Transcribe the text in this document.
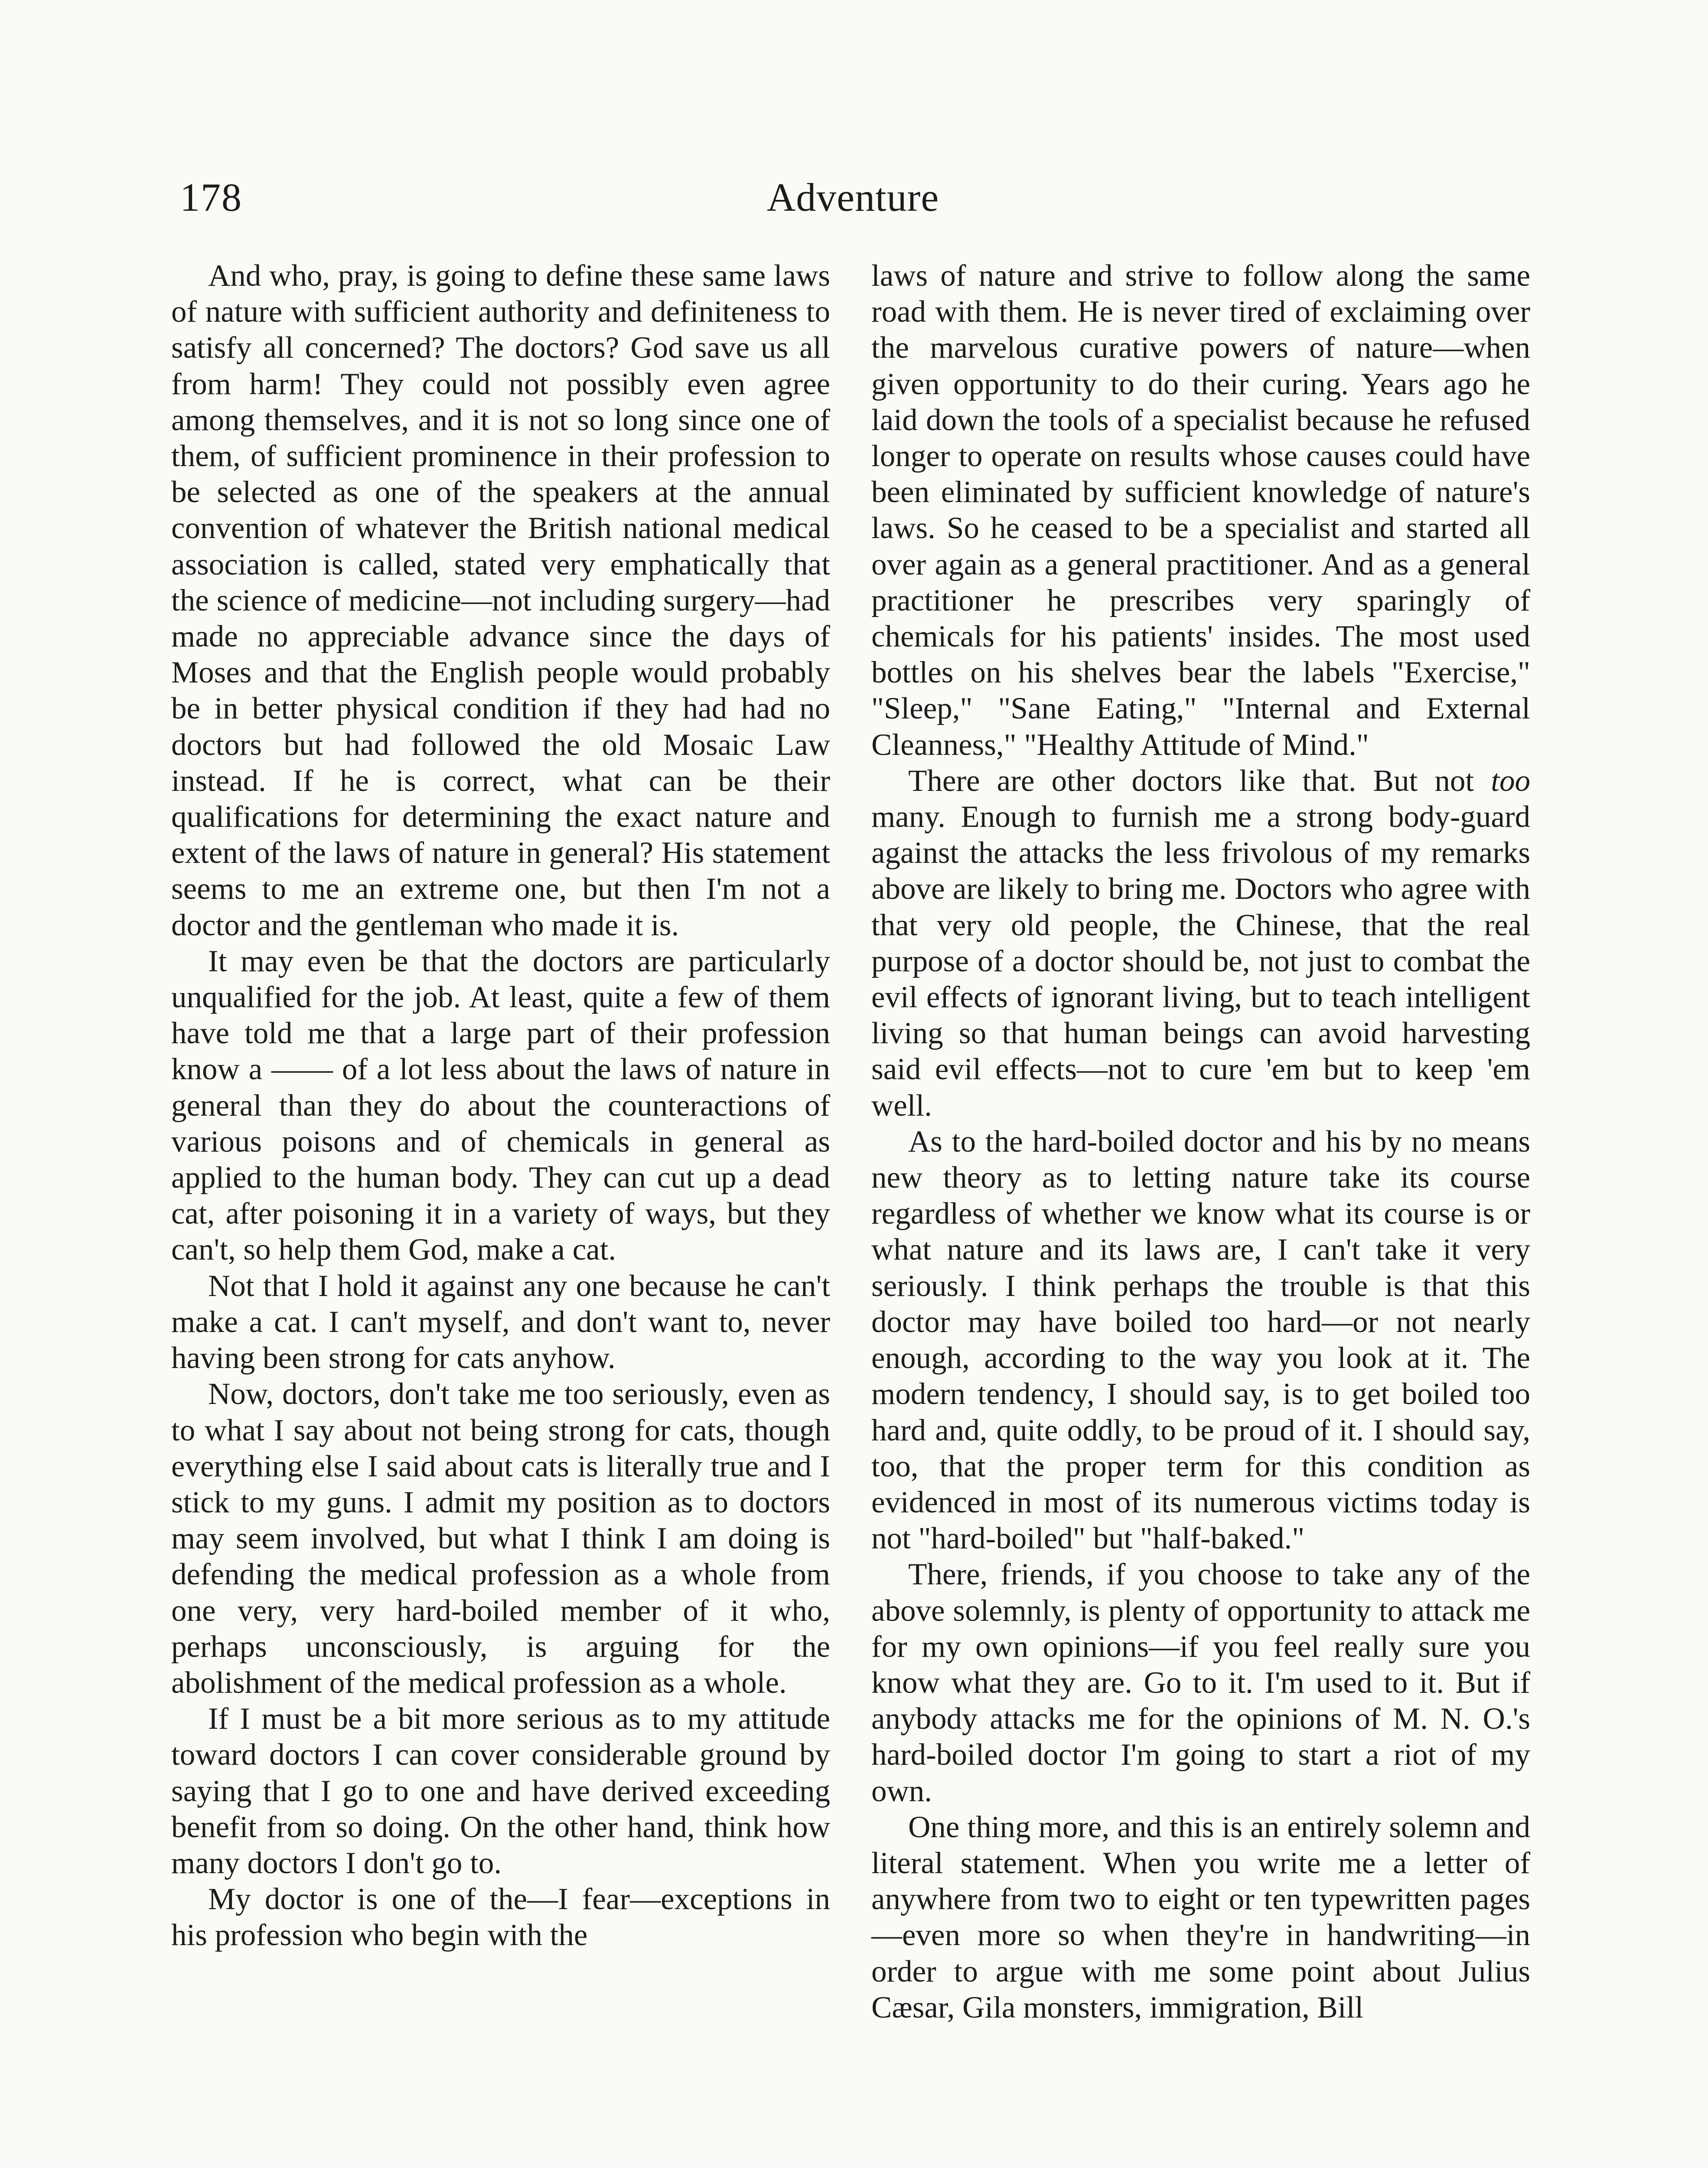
178	Adventure

And who, pray, is going to define these same laws of nature with sufficient authority and definiteness to satisfy all concerned? The doctors? God save us all from harm! They could not possibly even agree among themselves, and it is not so long since one of them, of sufficient prominence in their profession to be selected as one of the speakers at the annual convention of whatever the British national medical association is called, stated very emphatically that the science of medicine—not including surgery—had made no appreciable advance since the days of Moses and that the English people would probably be in better physical condition if they had had no doctors but had followed the old Mosaic Law instead. If he is correct, what can be their qualifications for determining the exact nature and extent of the laws of nature in general? His statement seems to me an extreme one, but then I'm not a doctor and the gentleman who made it is.

It may even be that the doctors are particularly unqualified for the job. At least, quite a few of them have told me that a large part of their profession know a —— of a lot less about the laws of nature in general than they do about the counteractions of various poisons and of chemicals in general as applied to the human body. They can cut up a dead cat, after poisoning it in a variety of ways, but they can't, so help them God, make a cat.

Not that I hold it against any one because he can't make a cat. I can't myself, and don't want to, never having been strong for cats anyhow.

Now, doctors, don't take me too seriously, even as to what I say about not being strong for cats, though everything else I said about cats is literally true and I stick to my guns. I admit my position as to doctors may seem involved, but what I think I am doing is defending the medical profession as a whole from one very, very hard-boiled member of it who, perhaps unconsciously, is arguing for the abolishment of the medical profession as a whole.

If I must be a bit more serious as to my attitude toward doctors I can cover considerable ground by saying that I go to one and have derived exceeding benefit from so doing. On the other hand, think how many doctors I don't go to.

My doctor is one of the—I fear—exceptions in his profession who begin with the

laws of nature and strive to follow along the same road with them. He is never tired of exclaiming over the marvelous curative powers of nature—when given opportunity to do their curing. Years ago he laid down the tools of a specialist because he refused longer to operate on results whose causes could have been eliminated by sufficient knowledge of nature's laws. So he ceased to be a specialist and started all over again as a general practitioner. And as a general practitioner he prescribes very sparingly of chemicals for his patients' insides. The most used bottles on his shelves bear the labels "Exercise," "Sleep," "Sane Eating," "Internal and External Cleanness," "Healthy Attitude of Mind."

There are other doctors like that. But not too many. Enough to furnish me a strong body-guard against the attacks the less frivolous of my remarks above are likely to bring me. Doctors who agree with that very old people, the Chinese, that the real purpose of a doctor should be, not just to combat the evil effects of ignorant living, but to teach intelligent living so that human beings can avoid harvesting said evil effects—not to cure 'em but to keep 'em well.

As to the hard-boiled doctor and his by no means new theory as to letting nature take its course regardless of whether we know what its course is or what nature and its laws are, I can't take it very seriously. I think perhaps the trouble is that this doctor may have boiled too hard—or not nearly enough, according to the way you look at it. The modern tendency, I should say, is to get boiled too hard and, quite oddly, to be proud of it. I should say, too, that the proper term for this condition as evidenced in most of its numerous victims today is not "hard-boiled" but "half-baked."

There, friends, if you choose to take any of the above solemnly, is plenty of opportunity to attack me for my own opinions—if you feel really sure you know what they are. Go to it. I'm used to it. But if anybody attacks me for the opinions of M. N. O.'s hard-boiled doctor I'm going to start a riot of my own.

One thing more, and this is an entirely solemn and literal statement. When you write me a letter of anywhere from two to eight or ten typewritten pages—even more so when they're in handwriting—in order to argue with me some point about Julius Cæsar, Gila monsters, immigration, Bill
